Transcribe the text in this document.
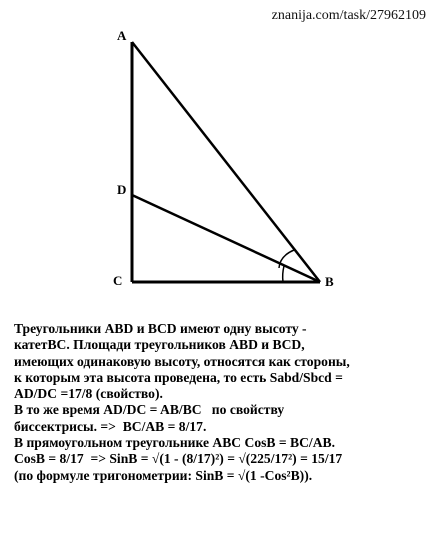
znanija.com/task/27962109
A
D
C	B
Треугольники ABD и BCD имеют одну высоту -
катетВС. Площади треугольников ABD и BCD,
имеющих одинаковую высоту, относятся как стороны,
к которым эта высота проведена, то есть Sabd/Sbcd =
AD/DC =17/8 (свойство).
В то же время AD/DC = AB/BC   по свойству
биссектрисы. =>  BC/AB = 8/17.
В прямоугольном треугольнике ABC CosB = BC/AB.
CosB = 8/17  => SinB = √(1 - (8/17)²) = √(225/17²) = 15/17
(по формуле тригонометрии: SinB = √(1 -Cos²B)).
